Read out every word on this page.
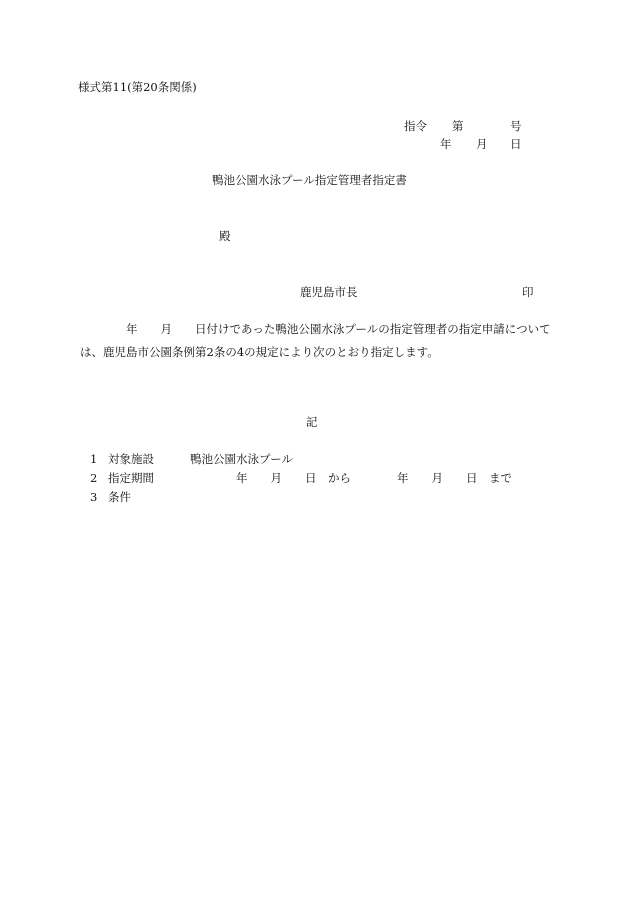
様式第11(第20条関係)
指令 第	号
年 月 日
鴨池公園水泳プール指定管理者指定書
殿
鹿児島市長	印
　　年　　月　　日付けであった鴨池公園水泳プールの指定管理者の指定申請については、鹿児島市公園条例第2条の4の規定により次のとおり指定します。
記
1 対象施設	鴨池公園水泳プール
2 指定期間	年　　月　　日　から　　　　年　　月　　日　まで
3 条件
